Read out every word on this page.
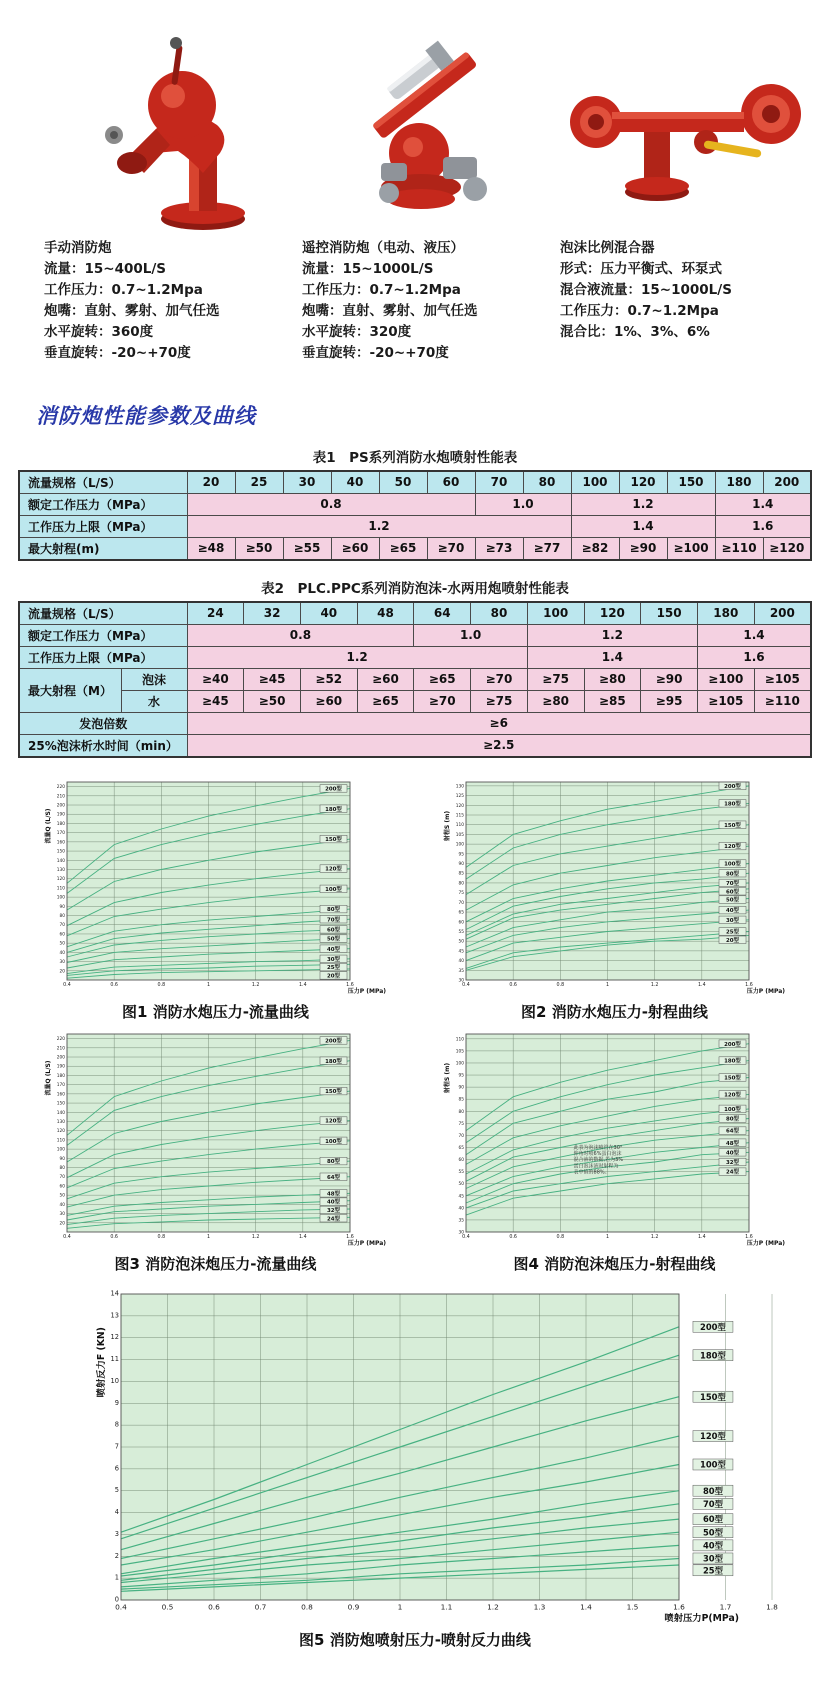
手动消防炮
流量：15~400L/S
工作压力：0.7~1.2Mpa
炮嘴：直射、雾射、加气任选
水平旋转：360度
垂直旋转：-20~+70度
遥控消防炮（电动、液压）
流量：15~1000L/S
工作压力：0.7~1.2Mpa
炮嘴：直射、雾射、加气任选
水平旋转：320度
垂直旋转：-20~+70度
泡沫比例混合器
形式：压力平衡式、环泵式
混合液流量：15~1000L/S
工作压力：0.7~1.2Mpa
混合比：1%、3%、6%
消防炮性能参数及曲线
表1　PS系列消防水炮喷射性能表
流量规格（L/S）	20	25	30	40	50	60	70	80	100	120	150	180	200
额定工作压力（MPa）	0.8						1.0		1.2			1.4	
工作压力上限（MPa）	1.2								1.4			1.6	
最大射程(m)	≥48	≥50	≥55	≥60	≥65	≥70	≥73	≥77	≥82	≥90	≥100	≥110	≥120
表2　PLC.PPC系列消防泡沫-水两用炮喷射性能表
流量规格（L/S）		24	32	40	48	64	80	100	120	150	180	200
额定工作压力（MPa）		0.8				1.0		1.2			1.4	
工作压力上限（MPa）		1.2						1.4			1.6	
最大射程（M）	泡沫	≥40	≥45	≥52	≥60	≥65	≥70	≥75	≥80	≥90	≥100	≥105
	水	≥45	≥50	≥60	≥65	≥70	≥75	≥80	≥85	≥95	≥105	≥110
发泡倍数		≥6										
25%泡沫析水时间（min）		≥2.5										
20
30
40
50
60
70
80
90
100
110
120
130
140
150
160
170
180
190
200
210
220
0.4	0.6	0.8	1	1.2	1.4	1.6
200型
180型
150型
120型
100型
80型
70型
60型
50型
40型
30型
25型
20型
流量Q (L/S)
压力P (MPa)
图1 消防水炮压力-流量曲线
30
35
40
45
50
55
60
65
70
75
80
85
90
95
100
105
110
115
120
125
130
0.4	0.6	0.8	1	1.2	1.4	1.6
200型
180型
150型
120型
100型
80型
70型
60型
50型
40型
30型
25型
20型
射程S (m)
压力P (MPa)
图2 消防水炮压力-射程曲线
20
30
40
50
60
70
80
90
100
110
120
130
140
150
160
170
180
190
200
210
220
0.4	0.6	0.8	1	1.2	1.4	1.6
200型
180型
150型
120型
100型
80型
64型
48型
40型
32型
24型
流量Q (L/S)
压力P (MPa)
图3 消防泡沫炮压力-流量曲线
30
35
40
45
50
55
60
65
70
75
80
85
90
95
100
105
110
0.4	0.6	0.8	1	1.2	1.4	1.6
200型
180型
150型
120型
100型
80型
64型
48型
40型
32型
24型
射程S (m)
压力P (MPa)
此表为泡沫喷管在30°
仰角时喷6%蛋白泡沫
混合液的数据,若为3%
蛋白泡沫液时射程为
表中值的88%。
图4 消防泡沫炮压力-射程曲线
0
1
2
3
4
5
6
7
8
9
10
11
12
13
14
0.4	0.5	0.6	0.7	0.8	0.9	1	1.1	1.2	1.3	1.4	1.5	1.6	1.7	1.8
200型
180型
150型
120型
100型
80型
70型
60型
50型
40型
30型
25型
喷射反力F (KN)
喷射压力P(MPa)
图5 消防炮喷射压力-喷射反力曲线
